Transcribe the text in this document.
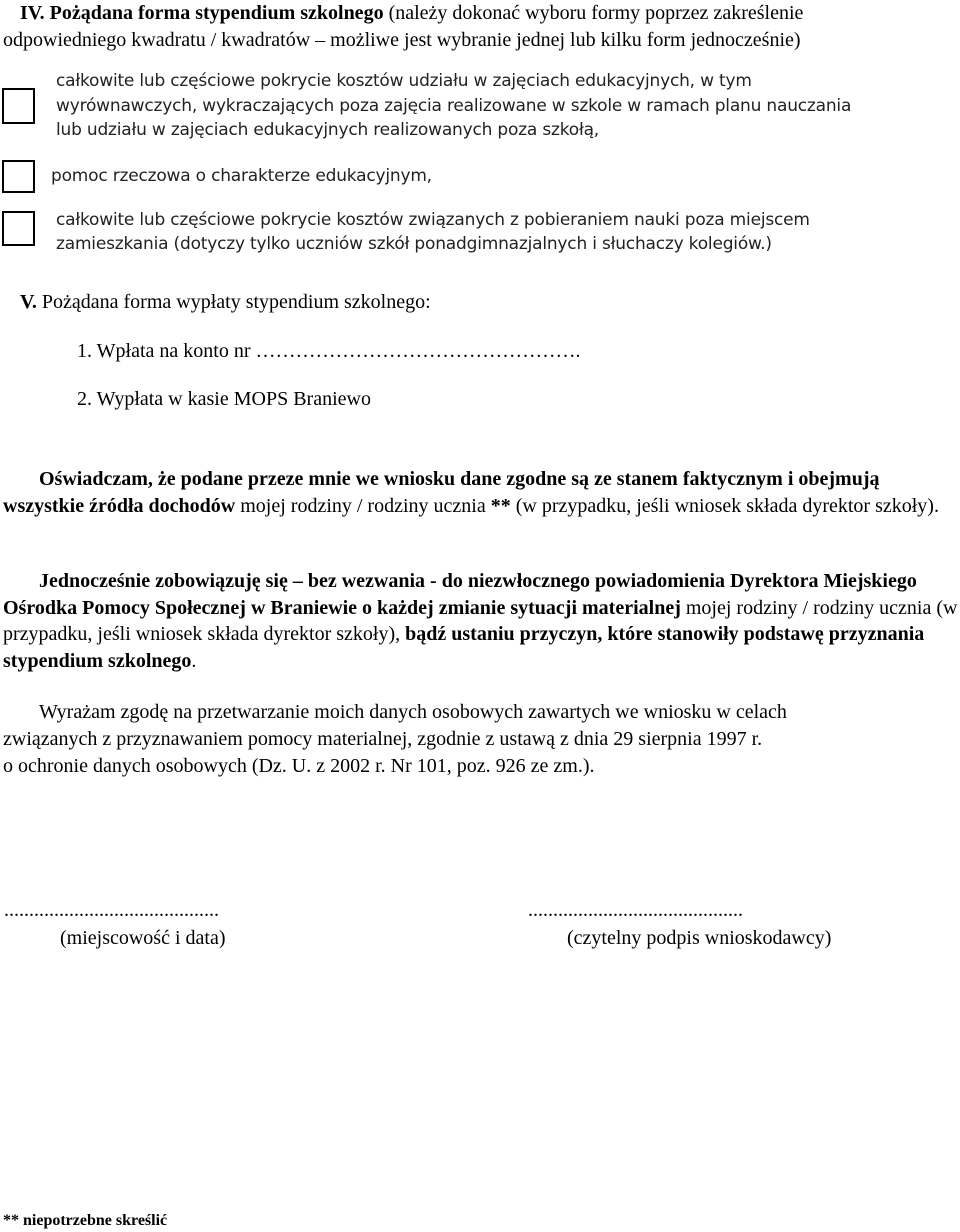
IV. Pożądana forma stypendium szkolnego (należy dokonać wyboru formy poprzez zakreślenie
odpowiedniego kwadratu / kwadratów – możliwe jest wybranie jednej lub kilku form jednocześnie)
całkowite lub częściowe pokrycie kosztów udziału w zajęciach edukacyjnych, w tym
wyrównawczych, wykraczających poza zajęcia realizowane w szkole w ramach planu nauczania
lub udziału w zajęciach edukacyjnych realizowanych poza szkołą,
pomoc rzeczowa o charakterze edukacyjnym,
całkowite lub częściowe pokrycie kosztów związanych z pobieraniem nauki poza miejscem
zamieszkania (dotyczy tylko uczniów szkół ponadgimnazjalnych i słuchaczy kolegiów.)
V. Pożądana forma wypłaty stypendium szkolnego:
1. Wpłata na konto nr ………………………………………….
2. Wypłata w kasie MOPS Braniewo
Oświadczam, że podane przeze mnie we wniosku dane zgodne są ze stanem faktycznym i obejmują wszystkie źródła dochodów mojej rodziny / rodziny ucznia ** (w przypadku, jeśli wniosek składa dyrektor szkoły).
Jednocześnie zobowiązuję się – bez wezwania - do niezwłocznego powiadomienia Dyrektora Miejskiego Ośrodka Pomocy Społecznej w Braniewie o każdej zmianie sytuacji materialnej mojej rodziny / rodziny ucznia (w przypadku, jeśli wniosek składa dyrektor szkoły), bądź ustaniu przyczyn, które stanowiły podstawę przyznania stypendium szkolnego.
Wyrażam zgodę na przetwarzanie moich danych osobowych zawartych we wniosku w celach
związanych z przyznawaniem pomocy materialnej, zgodnie z ustawą z dnia 29 sierpnia 1997 r.
o ochronie danych osobowych (Dz. U. z 2002 r. Nr 101, poz. 926 ze zm.).
...........................................
(miejscowość i data)
...........................................
(czytelny podpis wnioskodawcy)
** niepotrzebne skreślić
